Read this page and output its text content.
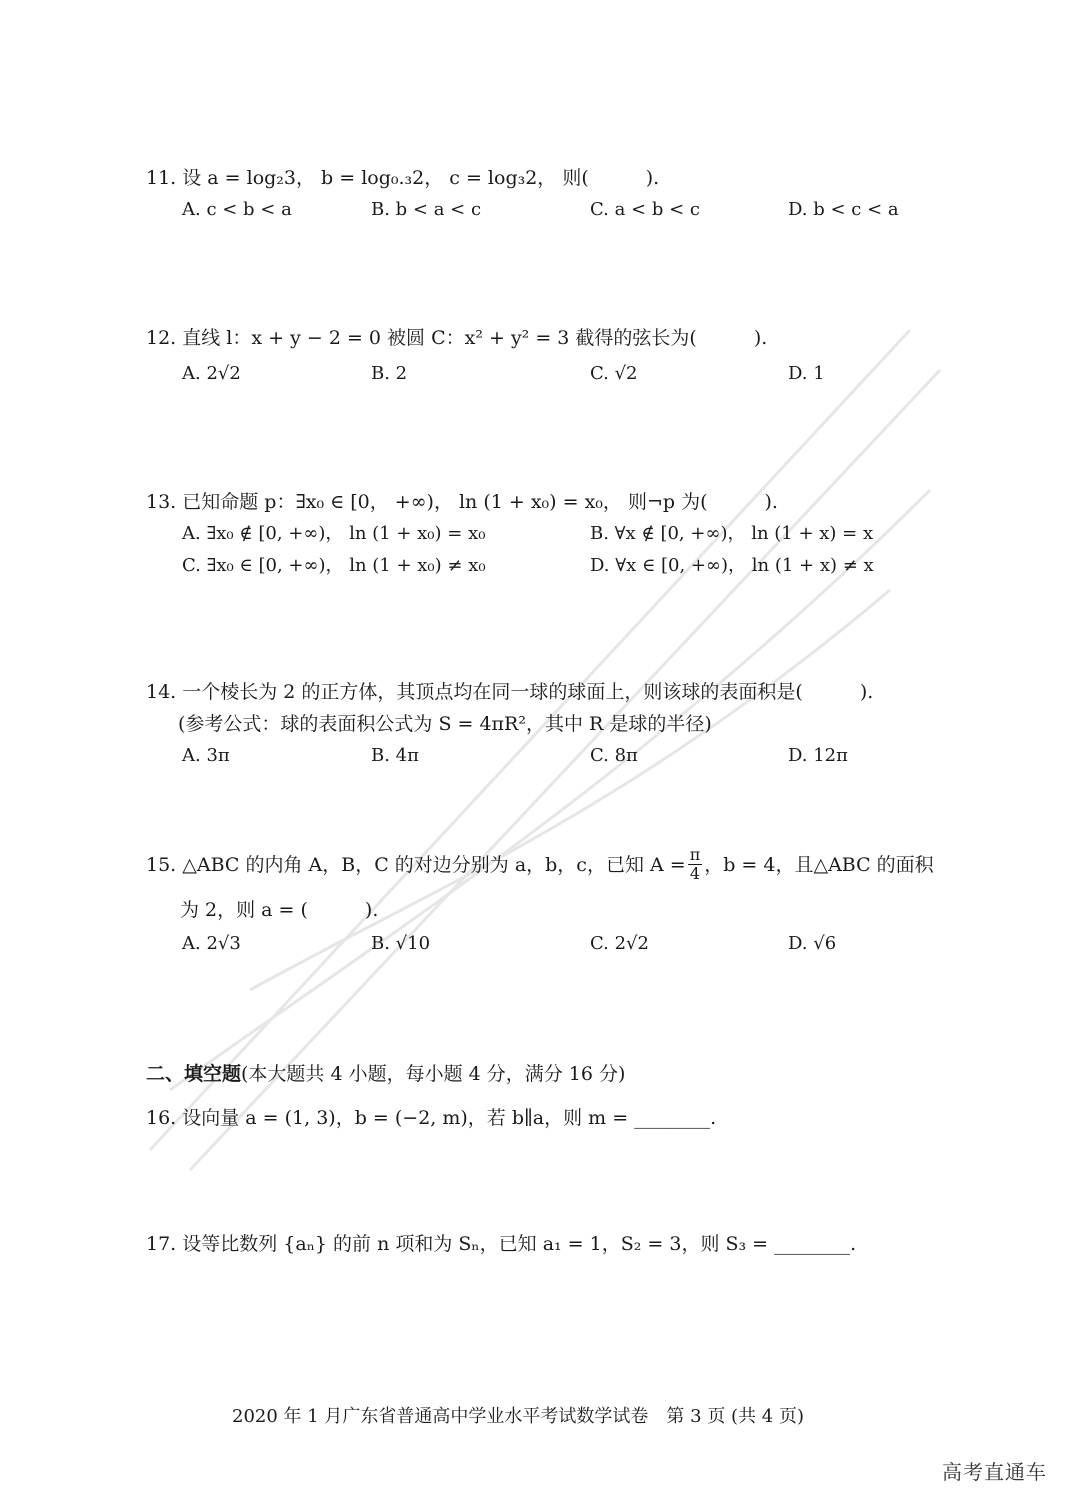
11. 设 a = log₂3， b = log₀.₃2， c = log₃2， 则(　　　).
A. c < b < a	B. b < a < c	C. a < b < c	D. b < c < a
12. 直线 l：x + y − 2 = 0 被圆 C：x² + y² = 3 截得的弦长为(　　　).
A. 2√2	B. 2	C. √2	D. 1
13. 已知命题 p：∃x₀ ∈ [0， +∞)， ln (1 + x₀) = x₀， 则¬p 为(　　　).
A. ∃x₀ ∉ [0, +∞)， ln (1 + x₀) = x₀	B. ∀x ∉ [0, +∞)， ln (1 + x) = x
C. ∃x₀ ∈ [0, +∞)， ln (1 + x₀) ≠ x₀	D. ∀x ∈ [0, +∞)， ln (1 + x) ≠ x
14. 一个棱长为 2 的正方体，其顶点均在同一球的球面上，则该球的表面积是(　　　).
(参考公式：球的表面积公式为 S = 4πR²，其中 R 是球的半径)
A. 3π	B. 4π	C. 8π	D. 12π
15. △ABC 的内角 A，B，C 的对边分别为 a，b，c，已知 $A = \frac{\pi}{4}$ ，b = 4，且△ABC 的面积
为 2，则 a = (　　　).
A. 2√3	B. √10	C. 2√2	D. √6
二、填空题(本大题共 4 小题，每小题 4 分，满分 16 分)
16. 设向量 a = (1, 3)，b = (−2, m)，若 b∥a，则 m = ________.
17. 设等比数列 {aₙ} 的前 n 项和为 Sₙ，已知 a₁ = 1，S₂ = 3，则 S₃ = ________.
2020 年 1 月广东省普通高中学业水平考试数学试卷　第 3 页 (共 4 页)
高考直通车
